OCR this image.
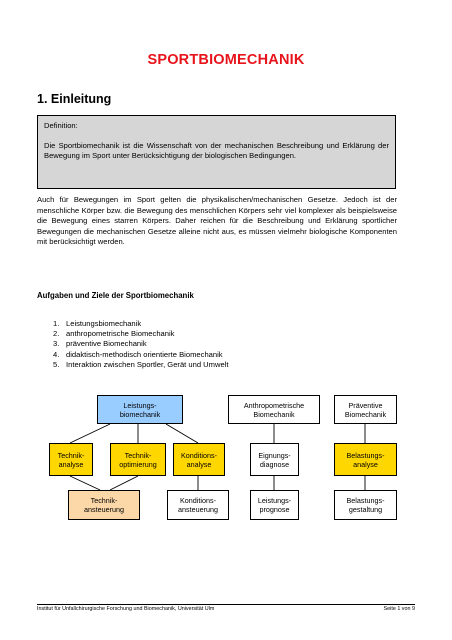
SPORTBIOMECHANIK
1. Einleitung

Definition:

Die Sportbiomechanik ist die Wissenschaft von der mechanischen Beschreibung und Erklärung der Bewegung im Sport unter Berücksichtigung der biologischen Bedingungen.

Auch für Bewegungen im Sport gelten die physikalischen/mechanischen Gesetze. Jedoch ist der menschliche Körper bzw. die Bewegung des menschlichen Körpers sehr viel komplexer als beispielsweise die Bewegung eines starren Körpers. Daher reichen für die Beschreibung und Erklärung sportlicher Bewegungen die mechanischen Gesetze alleine nicht aus, es müssen vielmehr biologische Komponenten mit berücksichtigt werden.
Aufgaben und Ziele der Sportbiomechanik
1. Leistungsbiomechanik
2. anthropometrische Biomechanik
3. präventive Biomechanik
4. didaktisch-methodisch orientierte Biomechanik
5. Interaktion zwischen Sportler, Gerät und Umwelt
Leistungs-
biomechanik
Anthropometrische
Biomechanik
Präventive
Biomechanik
Technik-
analyse
Technik-
optimierung
Konditions-
analyse
Eignungs-
diagnose
Belastungs-
analyse
Technik-
ansteuerung
Konditions-
ansteuerung
Leistungs-
prognose
Belastungs-
gestaltung
Institut für Unfallchirurgische Forschung und Biomechanik, Universität Ulm	Seite 1 von 9
